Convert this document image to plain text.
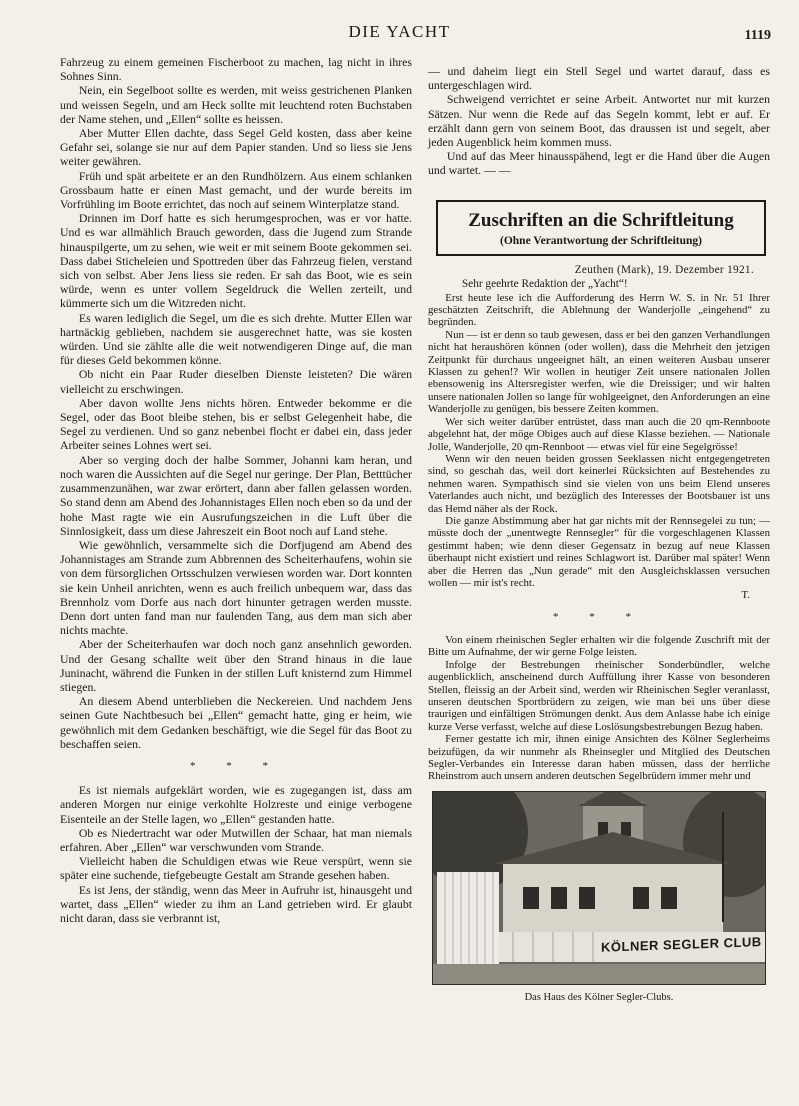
DIE YACHT	1119

Fahrzeug zu einem gemeinen Fischerboot zu machen, lag nicht in ihres Sohnes Sinn.

Nein, ein Segelboot sollte es werden, mit weiss gestrichenen Planken und weissen Segeln, und am Heck sollte mit leuchtend roten Buchstaben der Name stehen, und „Ellen“ sollte es heissen.

Aber Mutter Ellen dachte, dass Segel Geld kosten, dass aber keine Gefahr sei, solange sie nur auf dem Papier standen. Und so liess sie Jens weiter gewähren.

Früh und spät arbeitete er an den Rundhölzern. Aus einem schlanken Grossbaum hatte er einen Mast gemacht, und der wurde bereits im Vorfrühling im Boote errichtet, das noch auf seinem Winterplatze stand.

Drinnen im Dorf hatte es sich herumgesprochen, was er vor hatte. Und es war allmählich Brauch geworden, dass die Jugend zum Strande hinauspilgerte, um zu sehen, wie weit er mit seinem Boote gekommen sei. Dass dabei Sticheleien und Spottreden über das Fahrzeug fielen, verstand sich von selbst. Aber Jens liess sie reden. Er sah das Boot, wie es sein würde, wenn es unter vollem Segeldruck die Wellen zerteilt, und kümmerte sich um die Witzreden nicht.

Es waren lediglich die Segel, um die es sich drehte. Mutter Ellen war hartnäckig geblieben, nachdem sie ausgerechnet hatte, was sie kosten würden. Und sie zählte alle die weit notwendigeren Dinge auf, die man für dieses Geld bekommen könne.

Ob nicht ein Paar Ruder dieselben Dienste leisteten? Die wären vielleicht zu erschwingen.

Aber davon wollte Jens nichts hören. Entweder bekomme er die Segel, oder das Boot bleibe stehen, bis er selbst Gelegenheit habe, die Segel zu verdienen. Und so ganz nebenbei flocht er dabei ein, dass jeder Arbeiter seines Lohnes wert sei.

Aber so verging doch der halbe Sommer, Johanni kam heran, und noch waren die Aussichten auf die Segel nur geringe. Der Plan, Betttücher zusammenzunähen, war zwar erörtert, dann aber fallen gelassen worden. So stand denn am Abend des Johannistages Ellen noch eben so da und der hohe Mast ragte wie ein Ausrufungszeichen in die Luft über die Sinnlosigkeit, dass um diese Jahreszeit ein Boot noch auf Land stehe.

Wie gewöhnlich, versammelte sich die Dorfjugend am Abend des Johannistages am Strande zum Abbrennen des Scheiterhaufens, wohin sie von dem fürsorglichen Ortsschulzen verwiesen worden war. Dort konnten sie kein Unheil anrichten, wenn es auch freilich unbequem war, dass das Brennholz vom Dorfe aus nach dort hinunter getragen werden musste. Denn dort unten fand man nur faulenden Tang, aus dem man sich aber nichts machte.

Aber der Scheiterhaufen war doch noch ganz ansehnlich geworden. Und der Gesang schallte weit über den Strand hinaus in die laue Juninacht, während die Funken in der stillen Luft knisternd zum Himmel stiegen.

An diesem Abend unterblieben die Neckereien. Und nachdem Jens seinen Gute Nachtbesuch bei „Ellen“ gemacht hatte, ging er heim, wie gewöhnlich mit dem Gedanken beschäftigt, wie die Segel für das Boot zu beschaffen seien.

* * *

Es ist niemals aufgeklärt worden, wie es zugegangen ist, dass am anderen Morgen nur einige verkohlte Holzreste und einige verbogene Eisenteile an der Stelle lagen, wo „Ellen“ gestanden hatte.

Ob es Niedertracht war oder Mutwillen der Schaar, hat man niemals erfahren. Aber „Ellen“ war verschwunden vom Strande.

Vielleicht haben die Schuldigen etwas wie Reue verspürt, wenn sie später eine suchende, tiefgebeugte Gestalt am Strande gesehen haben.

Es ist Jens, der ständig, wenn das Meer in Aufruhr ist, hinausgeht und wartet, dass „Ellen“ wieder zu ihm an Land getrieben wird. Er glaubt nicht daran, dass sie verbrannt ist,

— und daheim liegt ein Stell Segel und wartet darauf, dass es untergeschlagen wird.

Schweigend verrichtet er seine Arbeit. Antwortet nur mit kurzen Sätzen. Nur wenn die Rede auf das Segeln kommt, lebt er auf. Er erzählt dann gern von seinem Boot, das draussen ist und segelt, aber jeden Augenblick heim kommen muss.

Und auf das Meer hinausspähend, legt er die Hand über die Augen und wartet. — —

Zuschriften an die Schriftleitung
(Ohne Verantwortung der Schriftleitung)
Zeuthen (Mark), 19. Dezember 1921.

Sehr geehrte Redaktion der „Yacht“!

Erst heute lese ich die Aufforderung des Herrn W. S. in Nr. 51 Ihrer geschätzten Zeitschrift, die Ablehnung der Wanderjolle „eingehend“ zu begründen.

Nun — ist er denn so taub gewesen, dass er bei den ganzen Verhandlungen nicht hat heraushören können (oder wollen), dass die Mehrheit den jetzigen Zeitpunkt für durchaus ungeeignet hält, an einen weiteren Ausbau unserer Klassen zu gehen!? Wir wollen in heutiger Zeit unsere nationalen Jollen ebensowenig ins Altersregister werfen, wie die Dreissiger; und wir halten unsere nationalen Jollen so lange für wohlgeeignet, den Anforderungen an eine Wanderjolle zu genügen, bis bessere Zeiten kommen.

Wer sich weiter darüber entrüstet, dass man auch die 20 qm-Rennboote abgelehnt hat, der möge Obiges auch auf diese Klasse beziehen. — Nationale Jolle, Wanderjolle, 20 qm-Rennboot — etwas viel für eine Segelgrösse!

Wenn wir den neuen beiden grossen Seeklassen nicht entgegengetreten sind, so geschah das, weil dort keinerlei Rücksichten auf Bestehendes zu nehmen waren. Sympathisch sind sie vielen von uns beim Elend unseres Vaterlandes auch nicht, und bezüglich des Interesses der Bootsbauer ist uns das Hemd näher als der Rock.

Die ganze Abstimmung aber hat gar nichts mit der Rennsegelei zu tun; — müsste doch der „unentwegte Rennsegler“ für die vorgeschlagenen Klassen gestimmt haben; wie denn dieser Gegensatz in bezug auf neue Klassen überhaupt nicht existiert und reines Schlagwort ist. Darüber mal später! Wenn aber die Herren das „Nun gerade“ mit den Ausgleichsklassen versuchen wollen — mir ist's recht.

T.
* * *

Von einem rheinischen Segler erhalten wir die folgende Zuschrift mit der Bitte um Aufnahme, der wir gerne Folge leisten.

Infolge der Bestrebungen rheinischer Sonderbündler, welche augenblicklich, anscheinend durch Auffüllung ihrer Kasse von besonderen Stellen, fleissig an der Arbeit sind, werden wir Rheinischen Segler veranlasst, unseren deutschen Sportbrüdern zu zeigen, wie man bei uns über diese traurigen und einfältigen Strömungen denkt. Aus dem Anlasse habe ich einige kurze Verse verfasst, welche auf diese Loslösungsbestrebungen Bezug haben.

Ferner gestatte ich mir, ihnen einige Ansichten des Kölner Seglerheims beizufügen, da wir nunmehr als Rheinsegler und Mitglied des Deutschen Segler-Verbandes ein Interesse daran haben müssen, dass der herrliche Rheinstrom auch unsern anderen deutschen Segelbrüdern immer mehr und

KÖLNER SEGLER CLUB
Das Haus des Kölner Segler-Clubs.
